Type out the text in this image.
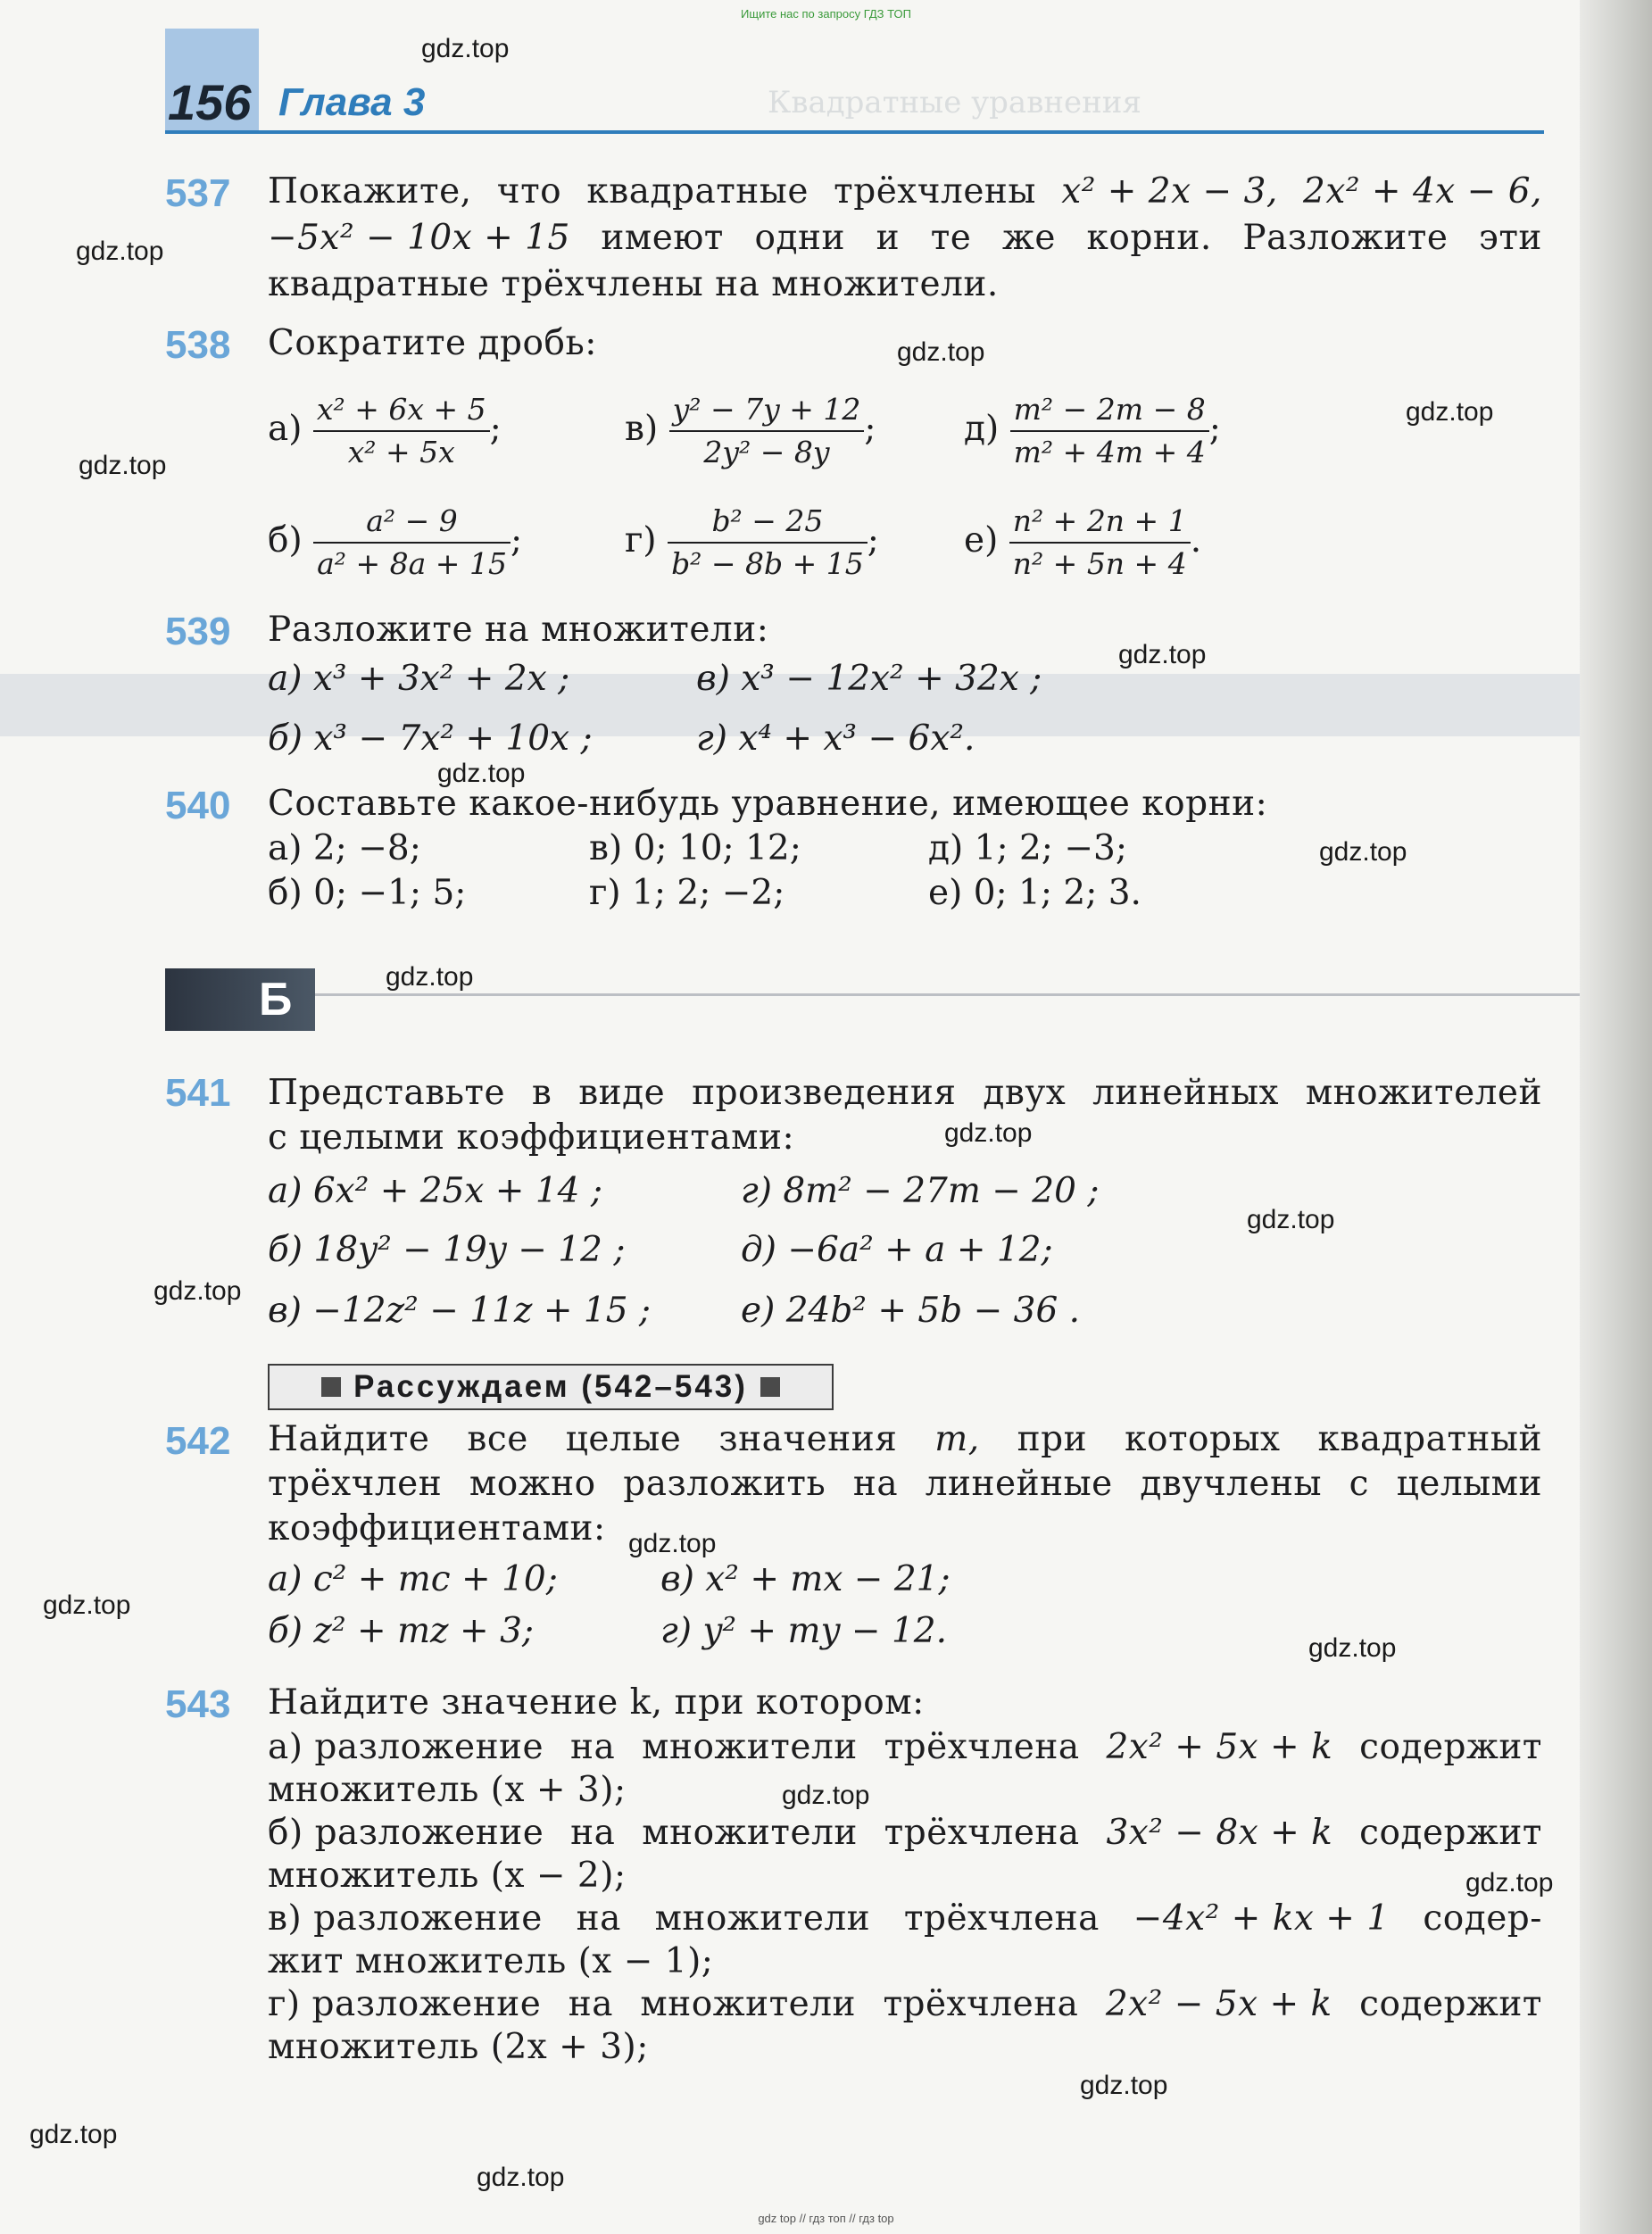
Квадратные уравнения
Ищите нас по запросу ГДЗ ТОП
gdz top // гдз топ // гдз top
156 Глава 3
537 Покажите, что квадратные трёхчлены x² + 2x − 3, 2x² + 4x − 6,
−5x² − 10x + 15 имеют одни и те же корни. Разложите эти
квадратные трёхчлены на множители.
538 Сократите дробь:
$а) \frac{\text{x² + 6x + 5}}{\text{x² + 5x}}$ ;	$в) \frac{\text{y² − 7y + 12}}{\text{2y² − 8y}}$ ;	$д) \frac{\text{m² − 2m − 8}}{\text{m² + 4m + 4}}$ ;
$б) \frac{\text{a² − 9}}{\text{a² + 8a + 15}}$ ;	$г) \frac{\text{b² − 25}}{\text{b² − 8b + 15}}$ ; $е) \frac{\text{n² + 2n + 1}}{\text{n² + 5n + 4}}$ .
539 Разложите на множители:
а) x³ + 3x² + 2x ;	в) x³ − 12x² + 32x ;
б) x³ − 7x² + 10x ;	г) x⁴ + x³ − 6x².
540 Составьте какое-нибудь уравнение, имеющее корни:
а) 2; −8;	в) 0; 10; 12;	д) 1; 2; −3;
б) 0; −1; 5;	г) 1; 2; −2;	е) 0; 1; 2; 3.
Б
541 Представьте в виде произведения двух линейных множителей
с целыми коэффициентами:
а) 6x² + 25x + 14 ;	г) 8m² − 27m − 20 ;
б) 18y² − 19y − 12 ;	д) −6a² + a + 12;
в) −12z² − 11z + 15 ;	е) 24b² + 5b − 36 .
Рассуждаем (542–543)
542 Найдите все целые значения m, при которых квадратный
трёхчлен можно разложить на линейные двучлены с целыми
коэффициентами:
а) c² + mc + 10;	в) x² + mx − 21;
б) z² + mz + 3;	г) y² + my − 12.
543 Найдите значение k, при котором:
а) разложение на множители трёхчлена 2x² + 5x + k содержит
множитель (x + 3);
б) разложение на множители трёхчлена 3x² − 8x + k содержит
множитель (x − 2);
в) разложение на множители трёхчлена −4x² + kx + 1 содер-
жит множитель (x − 1);
г) разложение на множители трёхчлена 2x² − 5x + k содержит
множитель (2x + 3);
gdz.top
gdz.top
gdz.top
gdz.top
gdz.top
gdz.top
gdz.top
gdz.top
gdz.top
gdz.top
gdz.top
gdz.top
gdz.top
gdz.top
gdz.top
gdz.top
gdz.top
gdz.top
gdz.top
gdz.top
